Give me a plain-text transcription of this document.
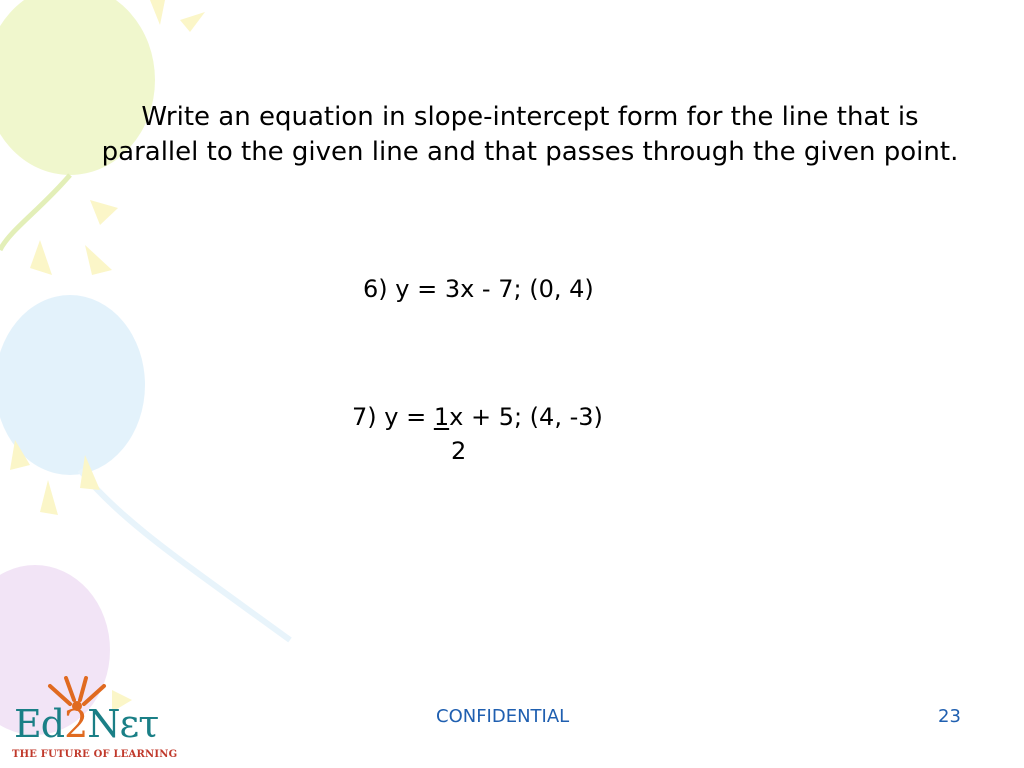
Write an equation in slope-intercept form for the line that is
parallel to the given line and that passes through the given point.
6) y = 3x - 7; (0, 4)
7) y = 1x + 5; (4, -3)
2
CONFIDENTIAL	23
Ed2Nετ
THE FUTURE OF LEARNING
